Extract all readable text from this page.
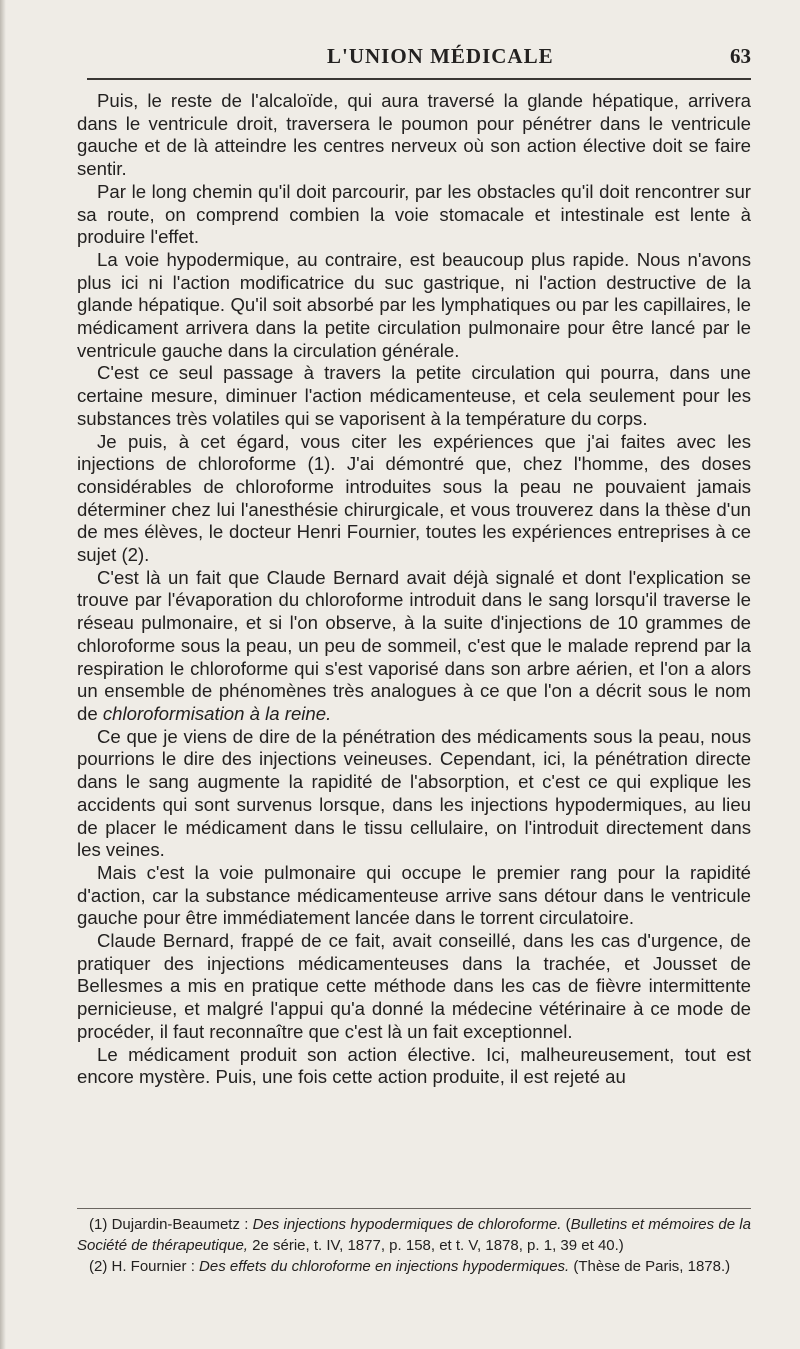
L'UNION MÉDICALE	63

Puis, le reste de l'alcaloïde, qui aura traversé la glande hépatique, arrivera dans le ventricule droit, traversera le poumon pour pénétrer dans le ventricule gauche et de là atteindre les centres nerveux où son action élective doit se faire sentir.

Par le long chemin qu'il doit parcourir, par les obstacles qu'il doit rencontrer sur sa route, on comprend combien la voie stomacale et intestinale est lente à produire l'effet.

La voie hypodermique, au contraire, est beaucoup plus rapide. Nous n'avons plus ici ni l'action modificatrice du suc gastrique, ni l'action destructive de la glande hépatique. Qu'il soit absorbé par les lymphatiques ou par les capillaires, le médicament arrivera dans la petite circulation pulmonaire pour être lancé par le ventricule gauche dans la circulation générale.

C'est ce seul passage à travers la petite circulation qui pourra, dans une certaine mesure, diminuer l'action médicamenteuse, et cela seulement pour les substances très volatiles qui se vaporisent à la température du corps.

Je puis, à cet égard, vous citer les expériences que j'ai faites avec les injections de chloroforme (1). J'ai démontré que, chez l'homme, des doses considérables de chloroforme introduites sous la peau ne pouvaient jamais déterminer chez lui l'anesthésie chirurgicale, et vous trouverez dans la thèse d'un de mes élèves, le docteur Henri Fournier, toutes les expériences entreprises à ce sujet (2).

C'est là un fait que Claude Bernard avait déjà signalé et dont l'explication se trouve par l'évaporation du chloroforme introduit dans le sang lorsqu'il traverse le réseau pulmonaire, et si l'on observe, à la suite d'injections de 10 grammes de chloroforme sous la peau, un peu de sommeil, c'est que le malade reprend par la respiration le chloroforme qui s'est vaporisé dans son arbre aérien, et l'on a alors un ensemble de phénomènes très analogues à ce que l'on a décrit sous le nom de chloroformisation à la reine.

Ce que je viens de dire de la pénétration des médicaments sous la peau, nous pourrions le dire des injections veineuses. Cependant, ici, la pénétration directe dans le sang augmente la rapidité de l'absorption, et c'est ce qui explique les accidents qui sont survenus lorsque, dans les injections hypodermiques, au lieu de placer le médicament dans le tissu cellulaire, on l'introduit directement dans les veines.

Mais c'est la voie pulmonaire qui occupe le premier rang pour la rapidité d'action, car la substance médicamenteuse arrive sans détour dans le ventricule gauche pour être immédiatement lancée dans le torrent circulatoire.

Claude Bernard, frappé de ce fait, avait conseillé, dans les cas d'urgence, de pratiquer des injections médicamenteuses dans la trachée, et Jousset de Bellesmes a mis en pratique cette méthode dans les cas de fièvre intermittente pernicieuse, et malgré l'appui qu'a donné la médecine vétérinaire à ce mode de procéder, il faut reconnaître que c'est là un fait exceptionnel.

Le médicament produit son action élective. Ici, malheureusement, tout est encore mystère. Puis, une fois cette action produite, il est rejeté au

(1) Dujardin-Beaumetz : Des injections hypodermiques de chloroforme. (Bulletins et mémoires de la Société de thérapeutique, 2e série, t. IV, 1877, p. 158, et t. V, 1878, p. 1, 39 et 40.)

(2) H. Fournier : Des effets du chloroforme en injections hypodermiques. (Thèse de Paris, 1878.)
